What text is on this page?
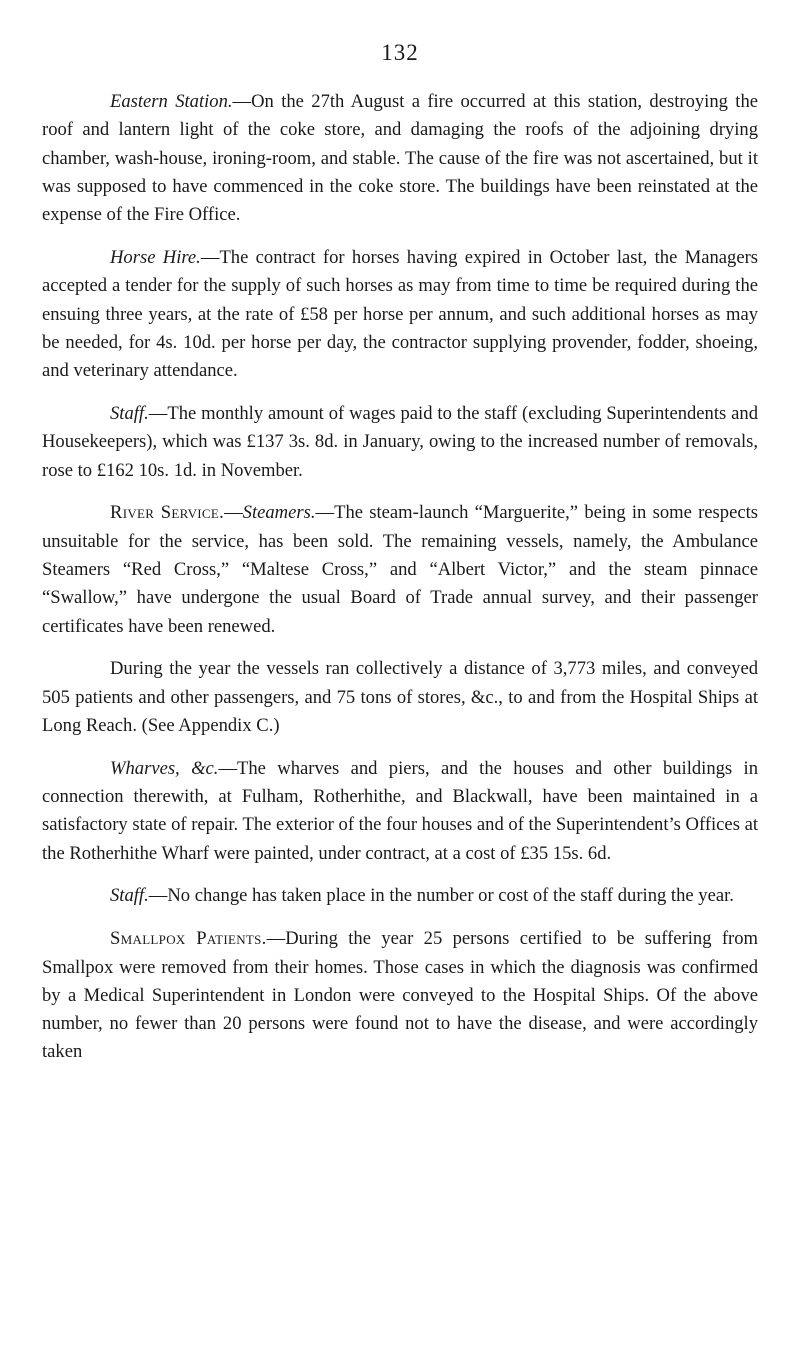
132

Eastern Station.—On the 27th August a fire occurred at this station, destroying the roof and lantern light of the coke store, and damaging the roofs of the adjoining drying chamber, wash-house, ironing-room, and stable. The cause of the fire was not ascertained, but it was supposed to have commenced in the coke store. The buildings have been reinstated at the expense of the Fire Office.

Horse Hire.—The contract for horses having expired in October last, the Managers accepted a tender for the supply of such horses as may from time to time be required during the ensuing three years, at the rate of £58 per horse per annum, and such additional horses as may be needed, for 4s. 10d. per horse per day, the contractor supplying provender, fodder, shoeing, and veterinary attendance.

Staff.—The monthly amount of wages paid to the staff (excluding Superintendents and Housekeepers), which was £137 3s. 8d. in January, owing to the increased number of removals, rose to £162 10s. 1d. in November.

River Service.—Steamers.—The steam-launch “Marguerite,” being in some respects unsuitable for the service, has been sold. The remaining vessels, namely, the Ambulance Steamers “Red Cross,” “Maltese Cross,” and “Albert Victor,” and the steam pinnace “Swallow,” have undergone the usual Board of Trade annual survey, and their passenger certificates have been renewed.

During the year the vessels ran collectively a distance of 3,773 miles, and conveyed 505 patients and other passengers, and 75 tons of stores, &c., to and from the Hospital Ships at Long Reach. (See Appendix C.)

Wharves, &c.—The wharves and piers, and the houses and other buildings in connection therewith, at Fulham, Rotherhithe, and Blackwall, have been maintained in a satisfactory state of repair. The exterior of the four houses and of the Superintendent’s Offices at the Rotherhithe Wharf were painted, under contract, at a cost of £35 15s. 6d.

Staff.—No change has taken place in the number or cost of the staff during the year.

Smallpox Patients.—During the year 25 persons certified to be suffering from Smallpox were removed from their homes. Those cases in which the diagnosis was confirmed by a Medical Superintendent in London were conveyed to the Hospital Ships. Of the above number, no fewer than 20 persons were found not to have the disease, and were accordingly taken
